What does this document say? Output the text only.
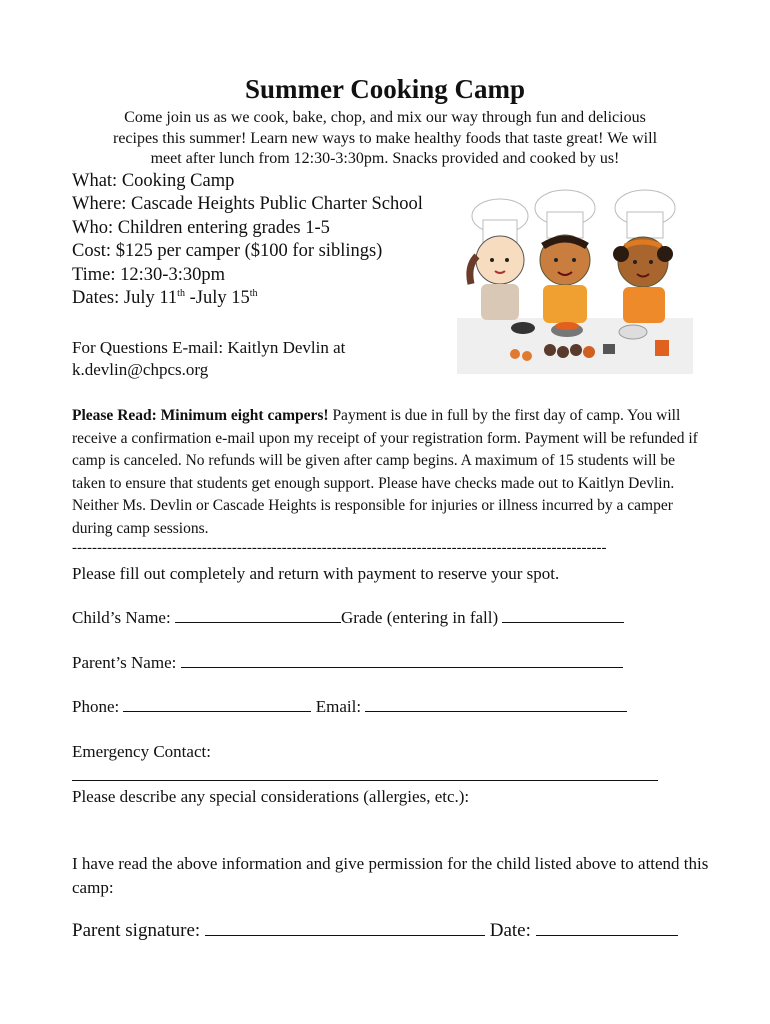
Summer Cooking Camp
Come join us as we cook, bake, chop, and mix our way through fun and delicious
recipes this summer! Learn new ways to make healthy foods that taste great! We will
meet after lunch from 12:30-3:30pm. Snacks provided and cooked by us!
What: Cooking Camp
Where: Cascade Heights Public Charter School
Who: Children entering grades 1-5
Cost: $125 per camper ($100 for siblings)
Time: 12:30-3:30pm
Dates: July 11th -July 15th
For Questions E-mail: Kaitlyn Devlin at
k.devlin@chpcs.org
Please Read: Minimum eight campers! Payment is due in full by the first day of camp. You will receive a confirmation e-mail upon my receipt of your registration form. Payment will be refunded if camp is canceled. No refunds will be given after camp begins. A maximum of 15 students will be taken to ensure that students get enough support. Please have checks made out to Kaitlyn Devlin. Neither Ms. Devlin or Cascade Heights is responsible for injuries or illness incurred by a camper during camp sessions.
-----------------------------------------------------------------------------------------------------------
Please fill out completely and return with payment to reserve your spot.
Child’s Name:	Grade (entering in fall)
Parent’s Name:
Phone:	Email:
Emergency Contact:
Please describe any special considerations (allergies, etc.):
I have read the above information and give permission for the child listed above to attend this camp:
Parent signature:	Date:
